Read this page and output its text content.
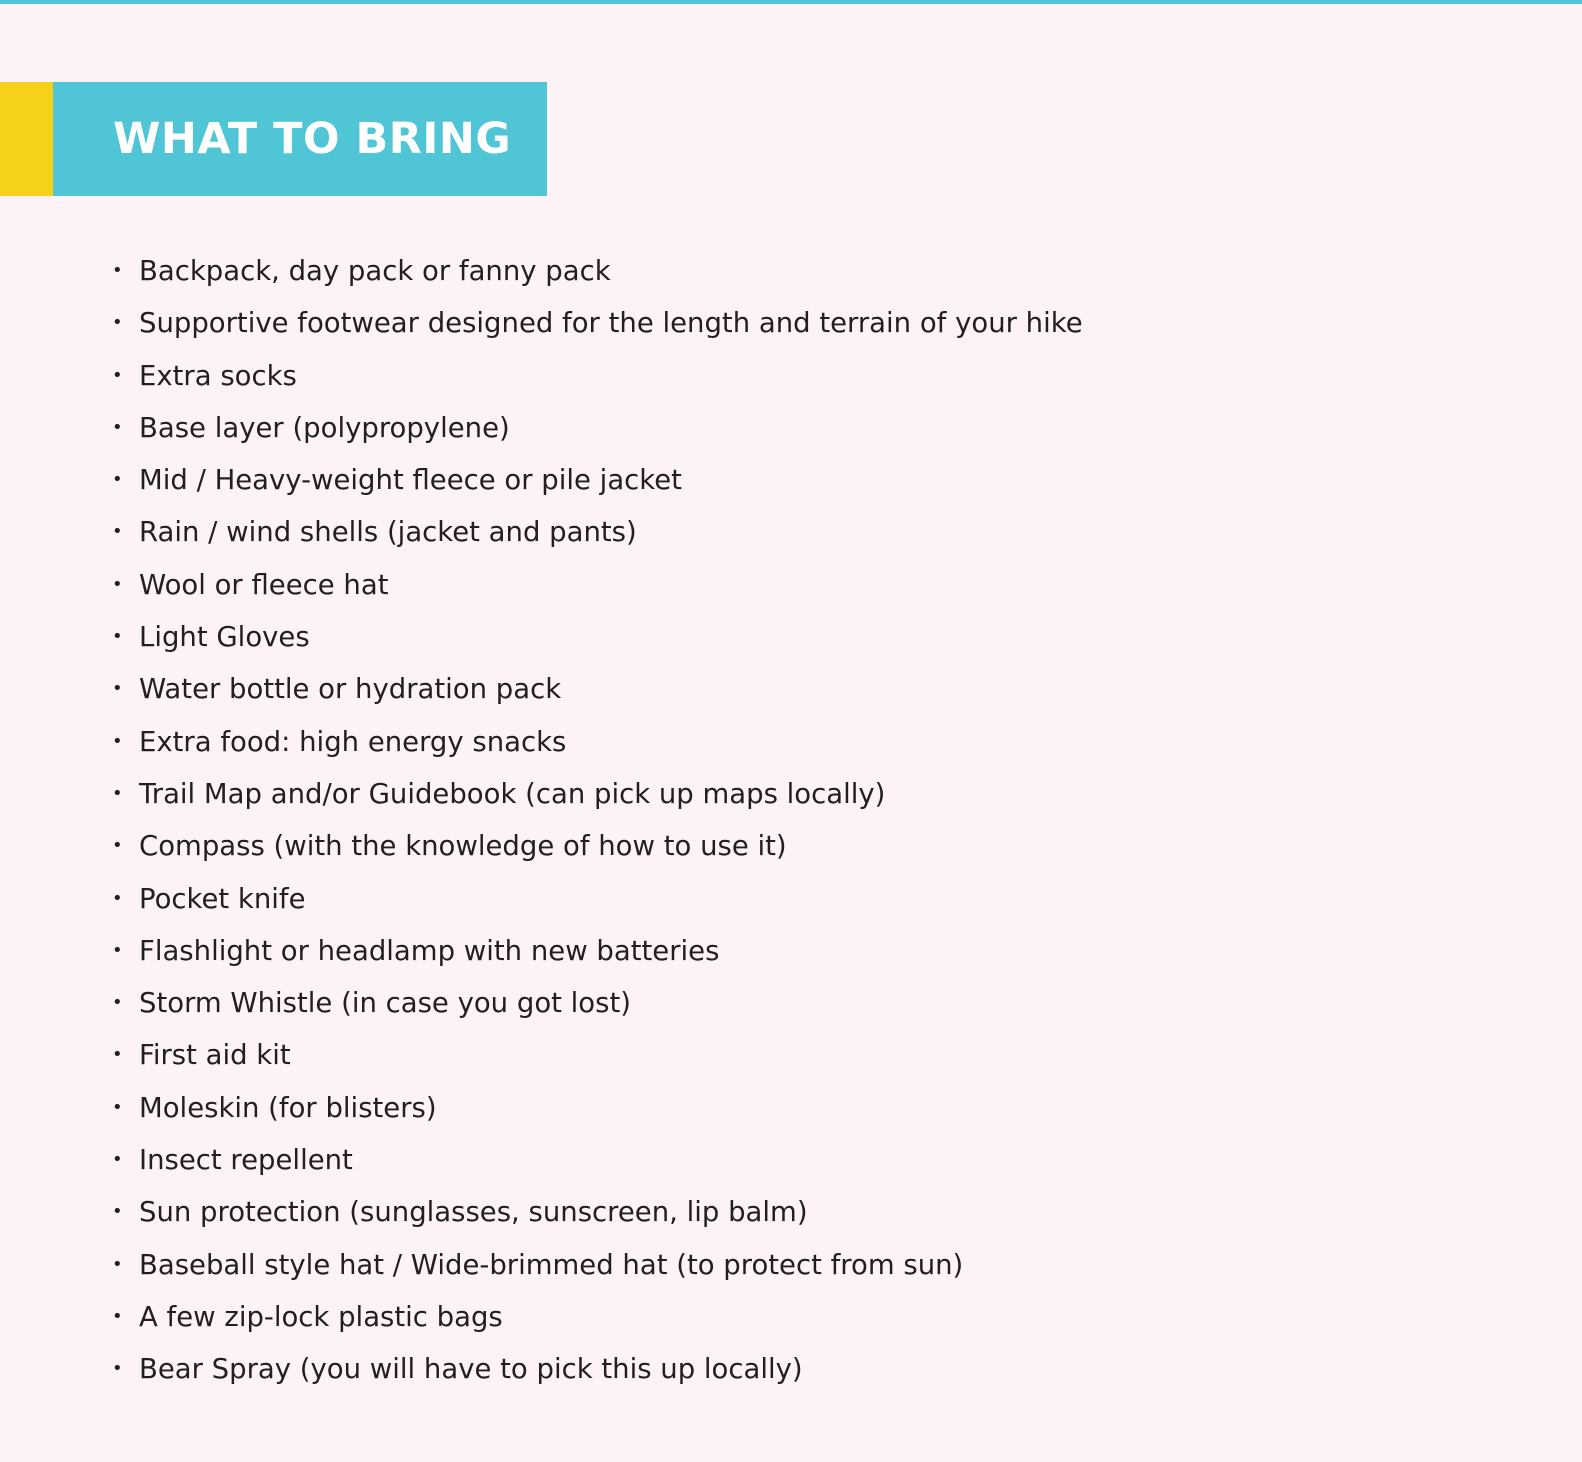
WHAT TO BRING
• Backpack, day pack or fanny pack
• Supportive footwear designed for the length and terrain of your hike
• Extra socks
• Base layer (polypropylene)
• Mid / Heavy-weight fleece or pile jacket
• Rain / wind shells (jacket and pants)
• Wool or fleece hat
• Light Gloves
• Water bottle or hydration pack
• Extra food: high energy snacks
• Trail Map and/or Guidebook (can pick up maps locally)
• Compass (with the knowledge of how to use it)
• Pocket knife
• Flashlight or headlamp with new batteries
• Storm Whistle (in case you got lost)
• First aid kit
• Moleskin (for blisters)
• Insect repellent
• Sun protection (sunglasses, sunscreen, lip balm)
• Baseball style hat / Wide-brimmed hat (to protect from sun)
• A few zip-lock plastic bags
• Bear Spray (you will have to pick this up locally)
